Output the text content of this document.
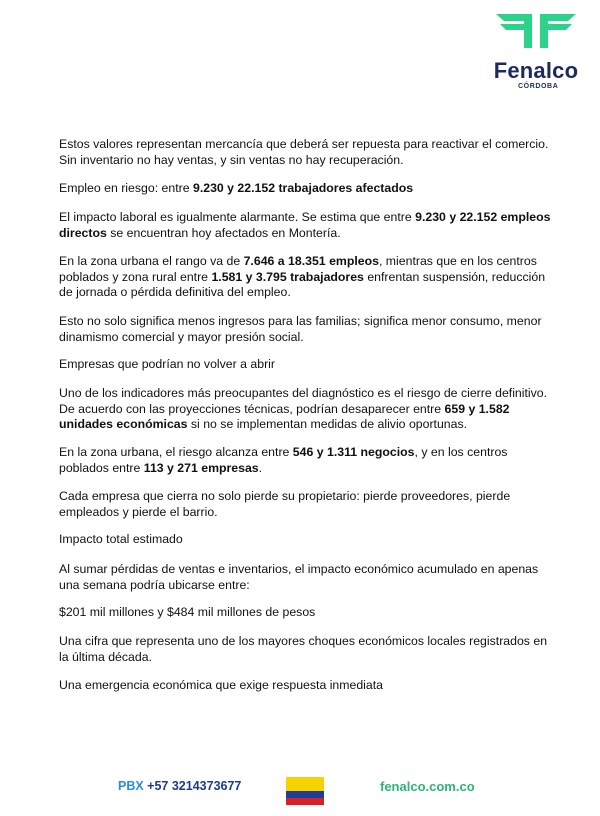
Fenalco
CÓRDOBA

Estos valores representan mercancía que deberá ser repuesta para reactivar el comercio. Sin inventario no hay ventas, y sin ventas no hay recuperación.

Empleo en riesgo: entre 9.230 y 22.152 trabajadores afectados

El impacto laboral es igualmente alarmante. Se estima que entre 9.230 y 22.152 empleos directos se encuentran hoy afectados en Montería.

En la zona urbana el rango va de 7.646 a 18.351 empleos, mientras que en los centros poblados y zona rural entre 1.581 y 3.795 trabajadores enfrentan suspensión, reducción de jornada o pérdida definitiva del empleo.

Esto no solo significa menos ingresos para las familias; significa menor consumo, menor dinamismo comercial y mayor presión social.

Empresas que podrían no volver a abrir

Uno de los indicadores más preocupantes del diagnóstico es el riesgo de cierre definitivo. De acuerdo con las proyecciones técnicas, podrían desaparecer entre 659 y 1.582 unidades económicas si no se implementan medidas de alivio oportunas.

En la zona urbana, el riesgo alcanza entre 546 y 1.311 negocios, y en los centros poblados entre 113 y 271 empresas.

Cada empresa que cierra no solo pierde su propietario: pierde proveedores, pierde empleados y pierde el barrio.

Impacto total estimado

Al sumar pérdidas de ventas e inventarios, el impacto económico acumulado en apenas una semana podría ubicarse entre:

$201 mil millones y $484 mil millones de pesos

Una cifra que representa uno de los mayores choques económicos locales registrados en la última década.

Una emergencia económica que exige respuesta inmediata

PBX +57 3214373677	fenalco.com.co
